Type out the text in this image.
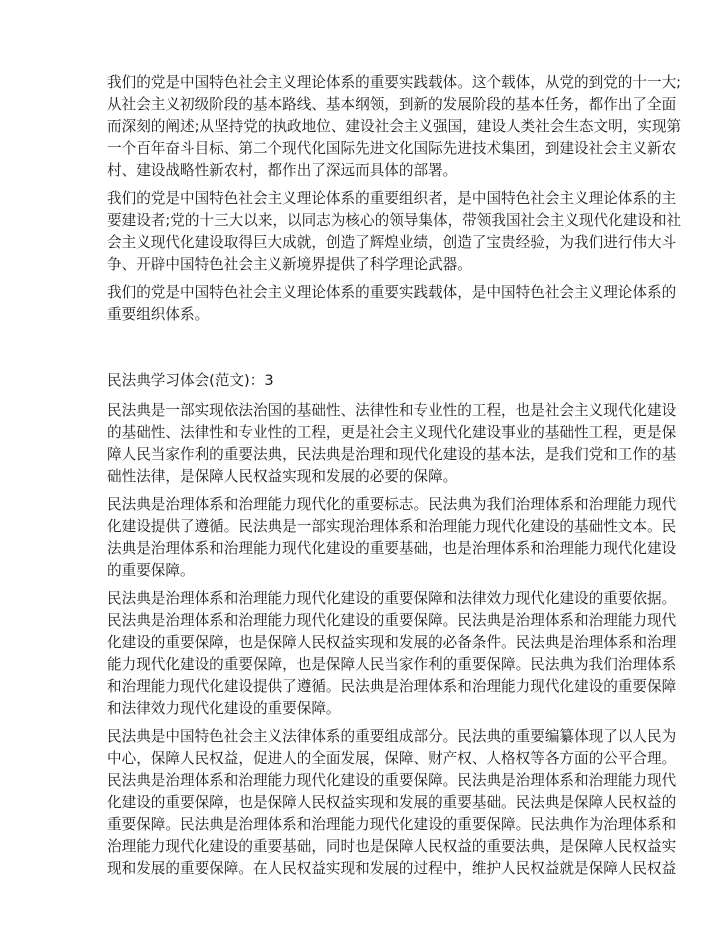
我们的党是中国特色社会主义理论体系的重要实践载体。这个载体，从党的到党的十一大;
从社会主义初级阶段的基本路线、基本纲领，到新的发展阶段的基本任务，都作出了全面
而深刻的阐述;从坚持党的执政地位、建设社会主义强国，建设人类社会生态文明，实现第
一个百年奋斗目标、第二个现代化国际先进文化国际先进技术集团，到建设社会主义新农
村、建设战略性新农村，都作出了深远而具体的部署。
我们的党是中国特色社会主义理论体系的重要组织者，是中国特色社会主义理论体系的主
要建设者;党的十三大以来，以同志为核心的领导集体，带领我国社会主义现代化建设和社
会主义现代化建设取得巨大成就，创造了辉煌业绩，创造了宝贵经验，为我们进行伟大斗
争、开辟中国特色社会主义新境界提供了科学理论武器。
我们的党是中国特色社会主义理论体系的重要实践载体，是中国特色社会主义理论体系的
重要组织体系。
民法典学习体会(范文)：3
民法典是一部实现依法治国的基础性、法律性和专业性的工程，也是社会主义现代化建设
的基础性、法律性和专业性的工程，更是社会主义现代化建设事业的基础性工程，更是保
障人民当家作利的重要法典，民法典是治理和现代化建设的基本法，是我们党和工作的基
础性法律，是保障人民权益实现和发展的必要的保障。
民法典是治理体系和治理能力现代化的重要标志。民法典为我们治理体系和治理能力现代
化建设提供了遵循。民法典是一部实现治理体系和治理能力现代化建设的基础性文本。民
法典是治理体系和治理能力现代化建设的重要基础，也是治理体系和治理能力现代化建设
的重要保障。
民法典是治理体系和治理能力现代化建设的重要保障和法律效力现代化建设的重要依据。
民法典是治理体系和治理能力现代化建设的重要保障。民法典是治理体系和治理能力现代
化建设的重要保障，也是保障人民权益实现和发展的必备条件。民法典是治理体系和治理
能力现代化建设的重要保障，也是保障人民当家作利的重要保障。民法典为我们治理体系
和治理能力现代化建设提供了遵循。民法典是治理体系和治理能力现代化建设的重要保障
和法律效力现代化建设的重要保障。
民法典是中国特色社会主义法律体系的重要组成部分。民法典的重要编纂体现了以人民为
中心，保障人民权益，促进人的全面发展，保障、财产权、人格权等各方面的公平合理。
民法典是治理体系和治理能力现代化建设的重要保障。民法典是治理体系和治理能力现代
化建设的重要保障，也是保障人民权益实现和发展的重要基础。民法典是保障人民权益的
重要保障。民法典是治理体系和治理能力现代化建设的重要保障。民法典作为治理体系和
治理能力现代化建设的重要基础，同时也是保障人民权益的重要法典，是保障人民权益实
现和发展的重要保障。在人民权益实现和发展的过程中，维护人民权益就是保障人民权益
